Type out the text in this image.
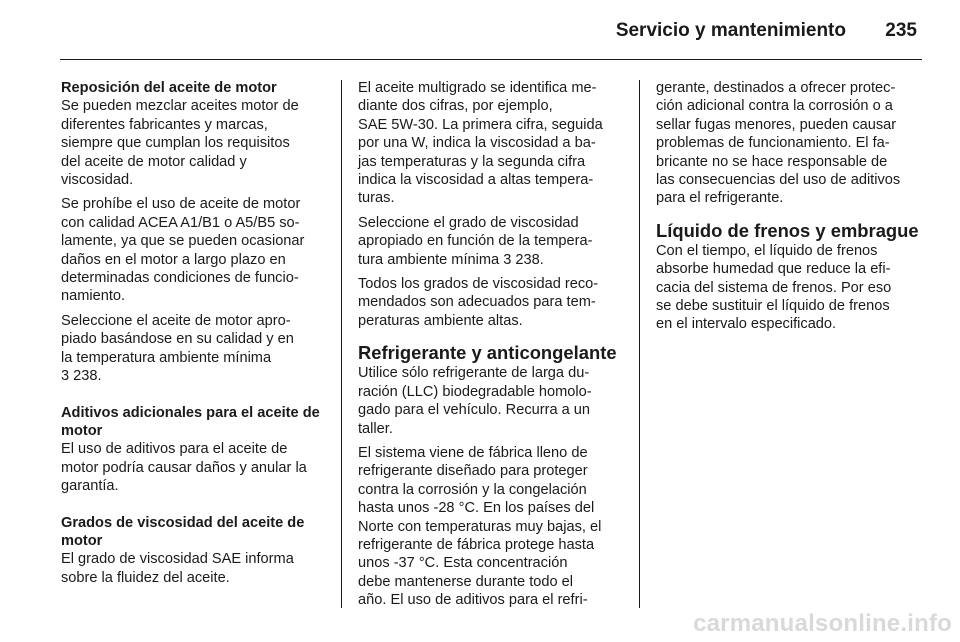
Servicio y mantenimiento 235
Reposición del aceite de motor
Se pueden mezclar aceites motor de
diferentes fabricantes y marcas,
siempre que cumplan los requisitos
del aceite de motor calidad y
viscosidad.
Se prohíbe el uso de aceite de motor
con calidad ACEA A1/B1 o A5/B5 so-
lamente, ya que se pueden ocasionar
daños en el motor a largo plazo en
determinadas condiciones de funcio-
namiento.
Seleccione el aceite de motor apro-
piado basándose en su calidad y en
la temperatura ambiente mínima
3 238.
Aditivos adicionales para el aceite de
motor
El uso de aditivos para el aceite de
motor podría causar daños y anular la
garantía.
Grados de viscosidad del aceite de
motor
El grado de viscosidad SAE informa
sobre la fluidez del aceite.
El aceite multigrado se identifica me-
diante dos cifras, por ejemplo,
SAE 5W-30. La primera cifra, seguida
por una W, indica la viscosidad a ba-
jas temperaturas y la segunda cifra
indica la viscosidad a altas tempera-
turas.
Seleccione el grado de viscosidad
apropiado en función de la tempera-
tura ambiente mínima 3 238.
Todos los grados de viscosidad reco-
mendados son adecuados para tem-
peraturas ambiente altas.
Refrigerante y anticongelante
Utilice sólo refrigerante de larga du-
ración (LLC) biodegradable homolo-
gado para el vehículo. Recurra a un
taller.
El sistema viene de fábrica lleno de
refrigerante diseñado para proteger
contra la corrosión y la congelación
hasta unos -28 °C. En los países del
Norte con temperaturas muy bajas, el
refrigerante de fábrica protege hasta
unos -37 °C. Esta concentración
debe mantenerse durante todo el
año. El uso de aditivos para el refri-
gerante, destinados a ofrecer protec-
ción adicional contra la corrosión o a
sellar fugas menores, pueden causar
problemas de funcionamiento. El fa-
bricante no se hace responsable de
las consecuencias del uso de aditivos
para el refrigerante.
Líquido de frenos y embrague
Con el tiempo, el líquido de frenos
absorbe humedad que reduce la efi-
cacia del sistema de frenos. Por eso
se debe sustituir el líquido de frenos
en el intervalo especificado.
carmanualsonline.info
